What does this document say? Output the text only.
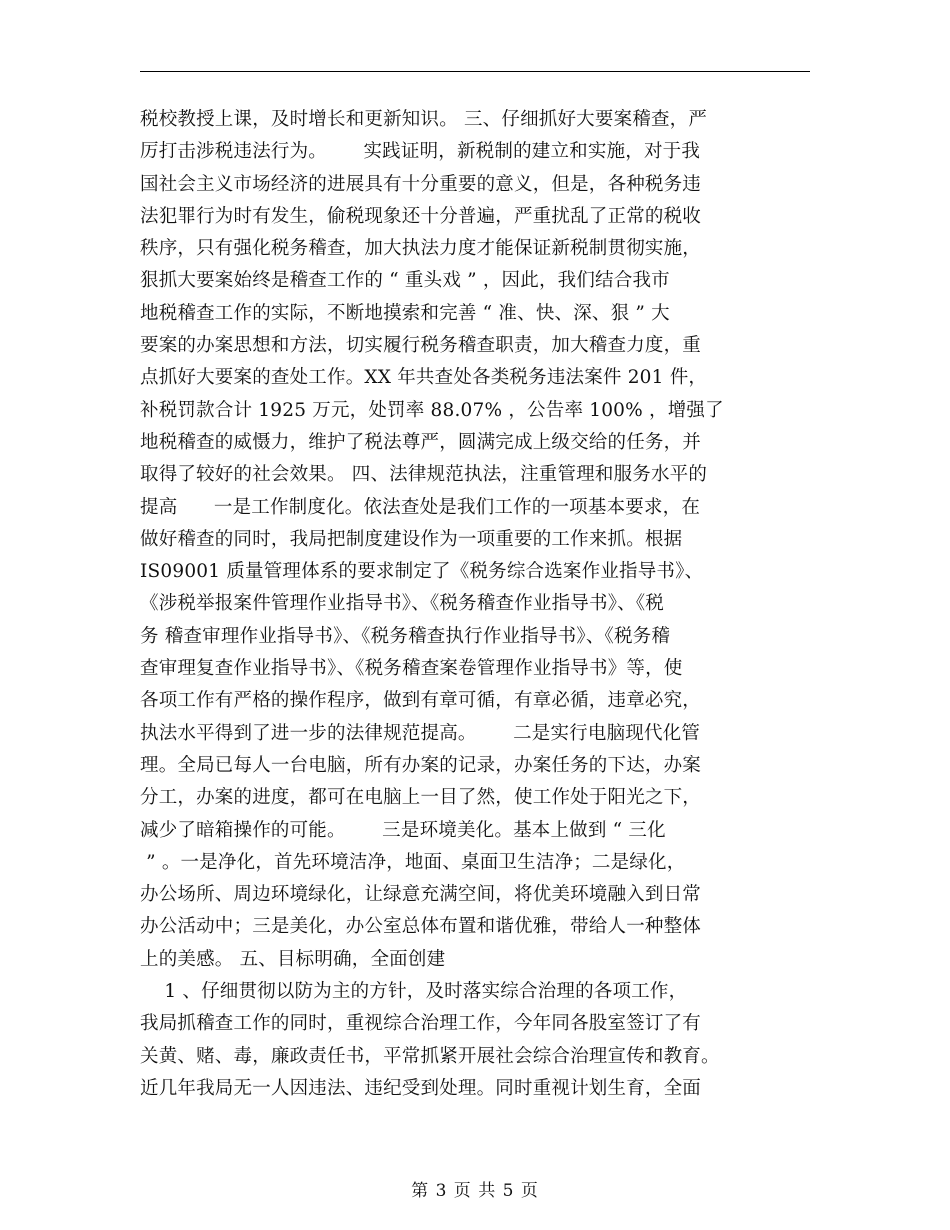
税校教授上课，及时增长和更新知识。 三、仔细抓好大要案稽查，严
厉打击涉税违法行为。      实践证明，新税制的建立和实施，对于我
国社会主义市场经济的进展具有十分重要的意义，但是，各种税务违
法犯罪行为时有发生，偷税现象还十分普遍，严重扰乱了正常的税收
秩序，只有强化税务稽查，加大执法力度才能保证新税制贯彻实施，
狠抓大要案始终是稽查工作的 “ 重头戏 ” ，因此，我们结合我市
地税稽查工作的实际，不断地摸索和完善 “ 准、快、深、狠 ” 大
要案的办案思想和方法，切实履行税务稽查职责，加大稽查力度，重
点抓好大要案的查处工作。XX 年共查处各类税务违法案件 201 件，
补税罚款合计 1925 万元，处罚率 88.07% ，公告率 100% ，增强了
地税稽查的威慑力，维护了税法尊严，圆满完成上级交给的任务，并
取得了较好的社会效果。 四、法律规范执法，注重管理和服务水平的
提高      一是工作制度化。依法查处是我们工作的一项基本要求，在
做好稽查的同时，我局把制度建设作为一项重要的工作来抓。根据
IS09001 质量管理体系的要求制定了《税务综合选案作业指导书》、
《涉税举报案件管理作业指导书》、《税务稽查作业指导书》、《税
务 稽查审理作业指导书》、《税务稽查执行作业指导书》、《税务稽
查审理复查作业指导书》、《税务稽查案卷管理作业指导书》等，使
各项工作有严格的操作程序，做到有章可循，有章必循，违章必究，
执法水平得到了进一步的法律规范提高。      二是实行电脑现代化管
理。全局已每人一台电脑，所有办案的记录，办案任务的下达，办案
分工，办案的进度，都可在电脑上一目了然，使工作处于阳光之下，
减少了暗箱操作的可能。      三是环境美化。基本上做到 “ 三化
” 。一是净化，首先环境洁净，地面、桌面卫生洁净；二是绿化，
办公场所、周边环境绿化，让绿意充满空间，将优美环境融入到日常
办公活动中；三是美化，办公室总体布置和谐优雅，带给人一种整体
上的美感。 五、目标明确，全面创建
1 、仔细贯彻以防为主的方针，及时落实综合治理的各项工作，
我局抓稽查工作的同时，重视综合治理工作，今年同各股室签订了有
关黄、赌、毒，廉政责任书，平常抓紧开展社会综合治理宣传和教育。
近几年我局无一人因违法、违纪受到处理。同时重视计划生育，全面
第 3 页 共 5 页
